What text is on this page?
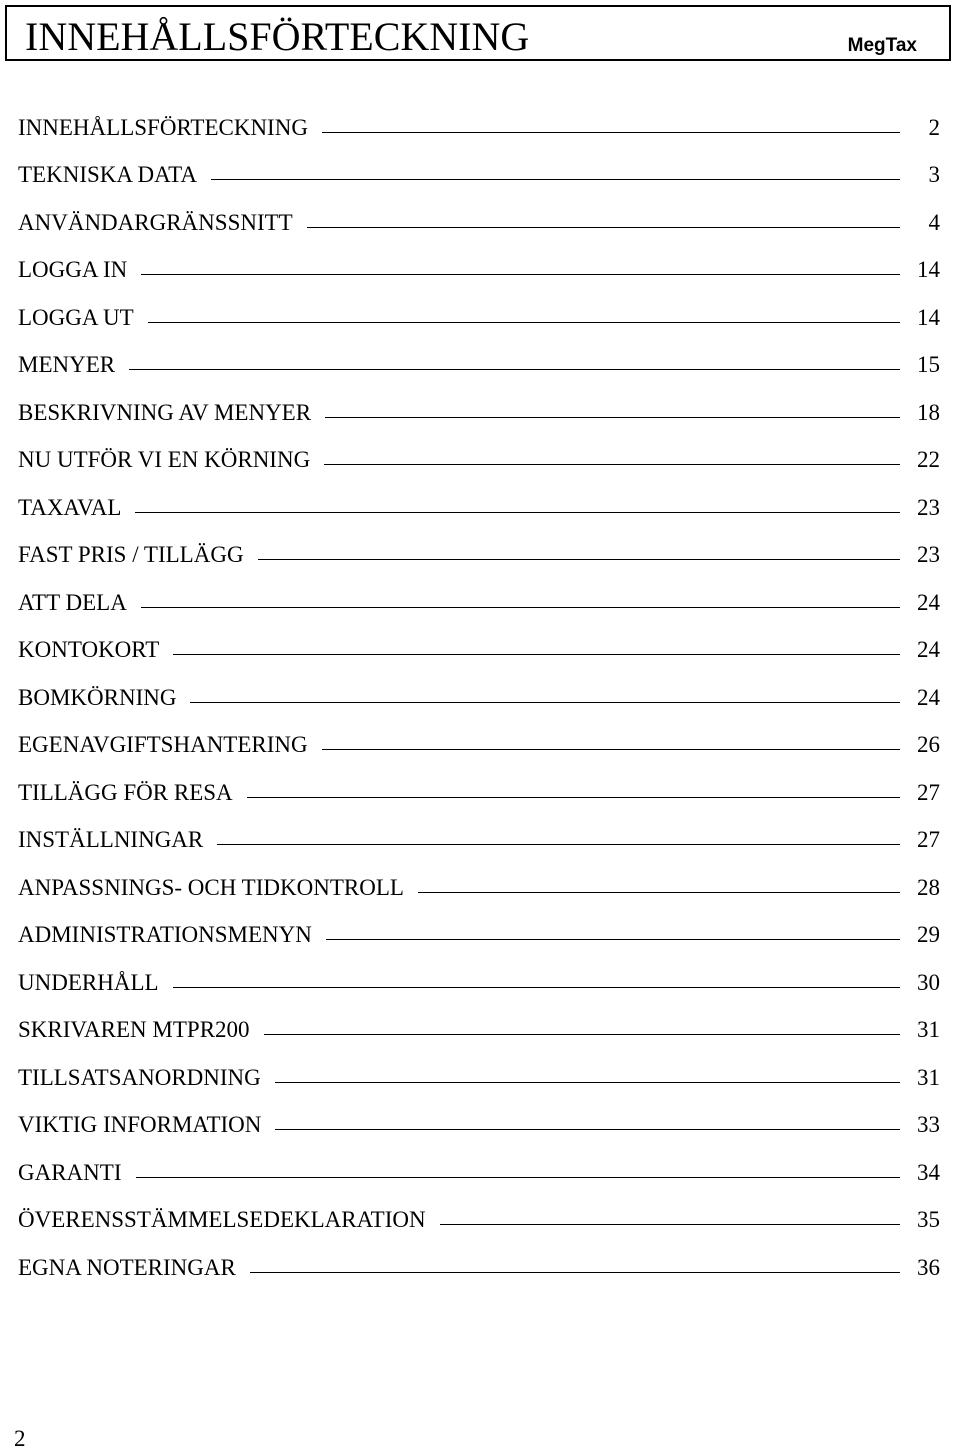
INNEHÅLLSFÖRTECKNING	MegTax
INNEHÅLLSFÖRTECKNING	2
TEKNISKA DATA	3
ANVÄNDARGRÄNSSNITT	4
LOGGA IN	14
LOGGA UT	14
MENYER	15
BESKRIVNING AV MENYER	18
NU UTFÖR VI EN KÖRNING	22
TAXAVAL	23
FAST PRIS / TILLÄGG	23
ATT DELA	24
KONTOKORT	24
BOMKÖRNING	24
EGENAVGIFTSHANTERING	26
TILLÄGG FÖR RESA	27
INSTÄLLNINGAR	27
ANPASSNINGS- OCH TIDKONTROLL	28
ADMINISTRATIONSMENYN	29
UNDERHÅLL	30
SKRIVAREN MTPR200	31
TILLSATSANORDNING	31
VIKTIG INFORMATION	33
GARANTI	34
ÖVERENSSTÄMMELSEDEKLARATION	35
EGNA NOTERINGAR	36
2
